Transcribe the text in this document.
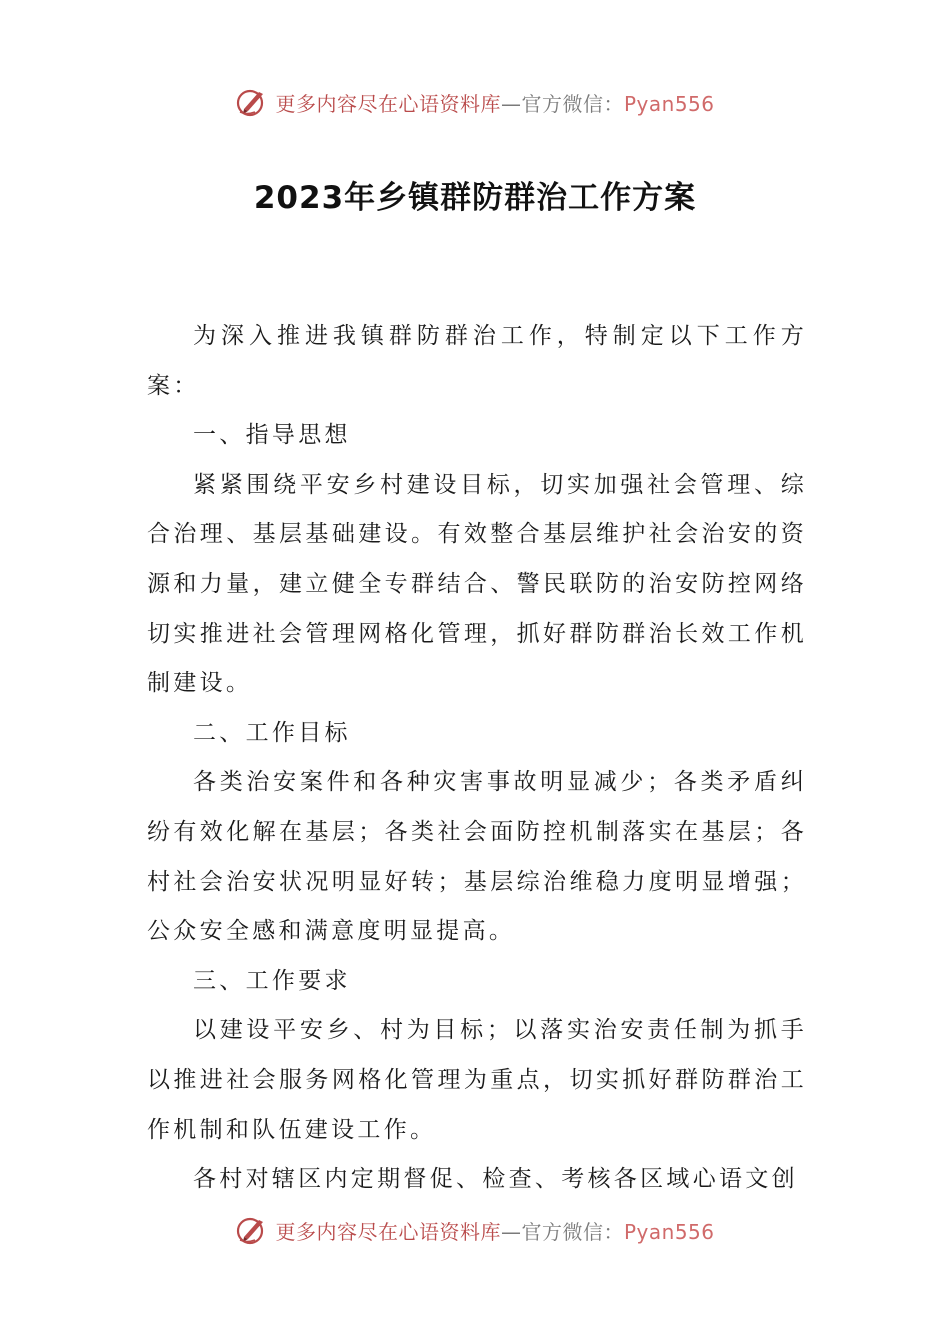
更多内容尽在心语资料库—官方微信：Pyan556
2023年乡镇群防群治工作方案

为深入推进我镇群防群治工作，特制定以下工作方案：

一、指导思想

紧紧围绕平安乡村建设目标，切实加强社会管理、综合治理、基层基础建设。有效整合基层维护社会治安的资源和力量，建立健全专群结合、警民联防的治安防控网络切实推进社会管理网格化管理，抓好群防群治长效工作机制建设。

二、工作目标

各类治安案件和各种灾害事故明显减少；各类矛盾纠纷有效化解在基层；各类社会面防控机制落实在基层；各村社会治安状况明显好转；基层综治维稳力度明显增强；公众安全感和满意度明显提高。

三、工作要求

以建设平安乡、村为目标；以落实治安责任制为抓手以推进社会服务网格化管理为重点，切实抓好群防群治工作机制和队伍建设工作。

各村对辖区内定期督促、检查、考核各区域心语文创

更多内容尽在心语资料库—官方微信：Pyan556
